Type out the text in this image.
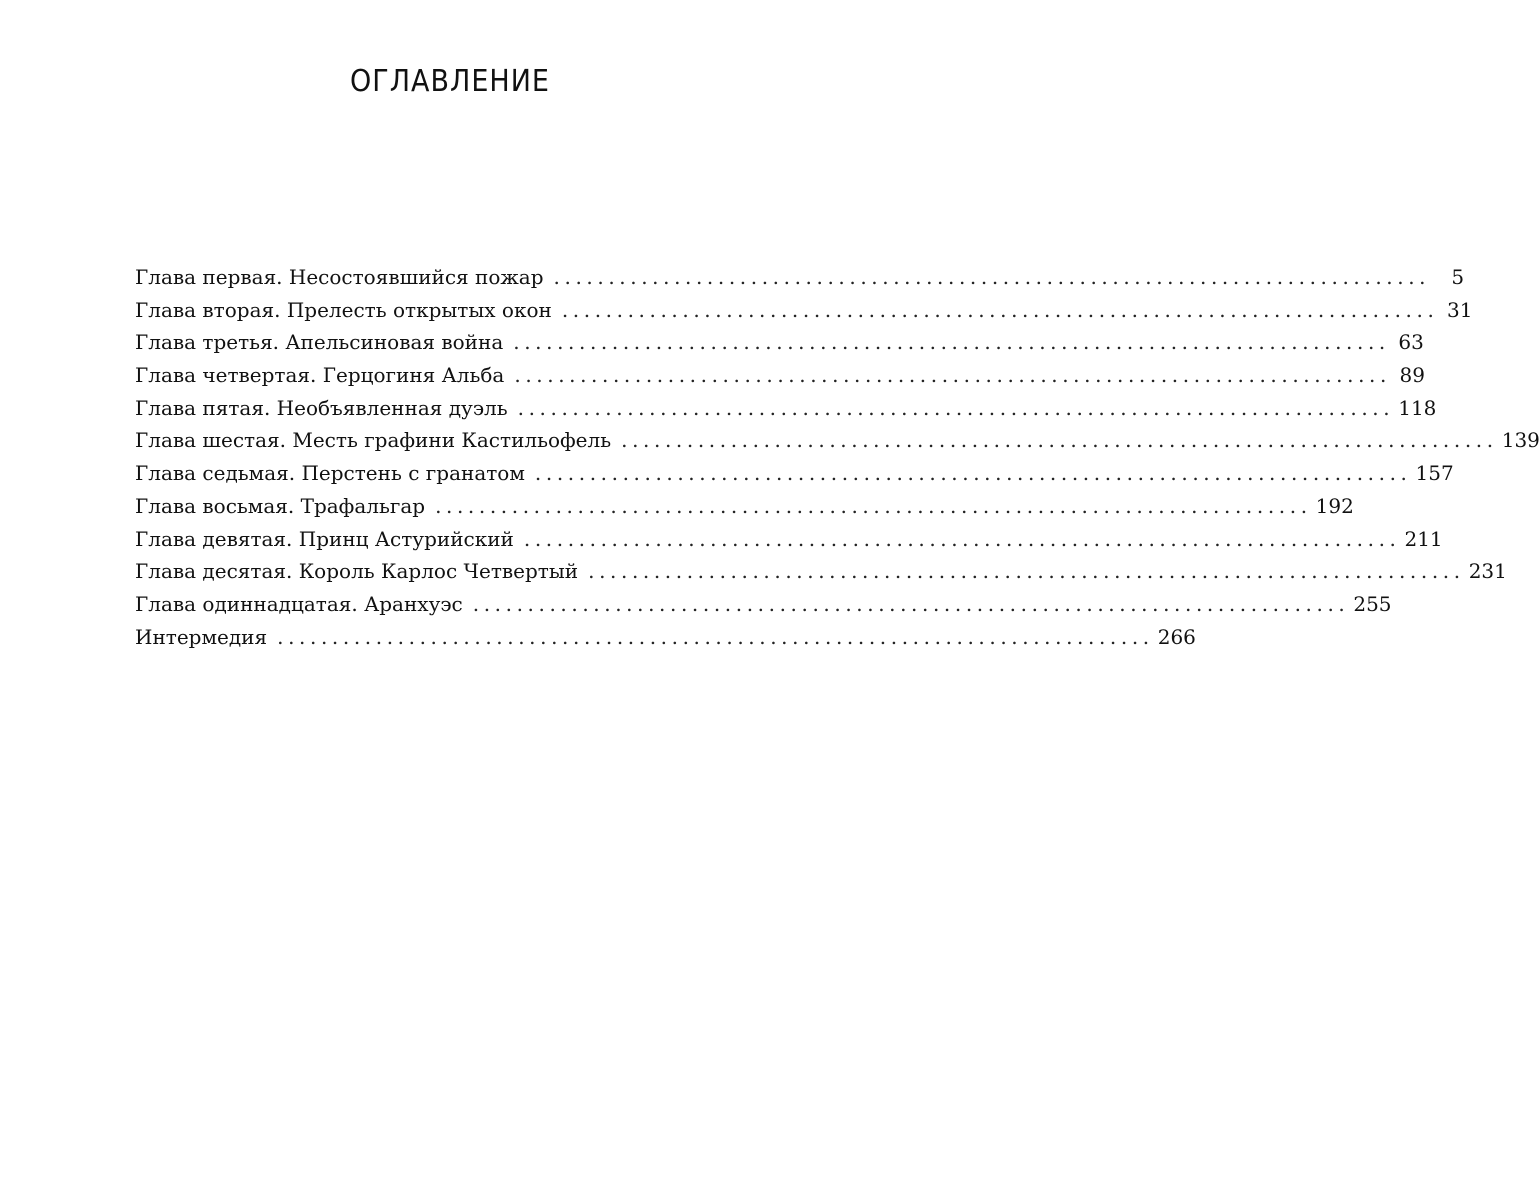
ОГЛАВЛЕНИЕ
Глава первая. Несостоявшийся пожар ................................................................................	5
Глава вторая. Прелесть открытых окон ................................................................................ 31
Глава третья. Апельсиновая война ................................................................................ 63
Глава четвертая. Герцогиня Альба ................................................................................ 89
Глава пятая. Необъявленная дуэль ................................................................................ 118
Глава шестая. Месть графини Кастильофель ................................................................................ 139
Глава седьмая. Перстень с гранатом ................................................................................ 157
Глава восьмая. Трафальгар ................................................................................ 192
Глава девятая. Принц Астурийский ................................................................................ 211
Глава десятая. Король Карлос Четвертый ................................................................................ 231
Глава одиннадцатая. Аранхуэс ................................................................................ 255
Интермедия ................................................................................ 266
